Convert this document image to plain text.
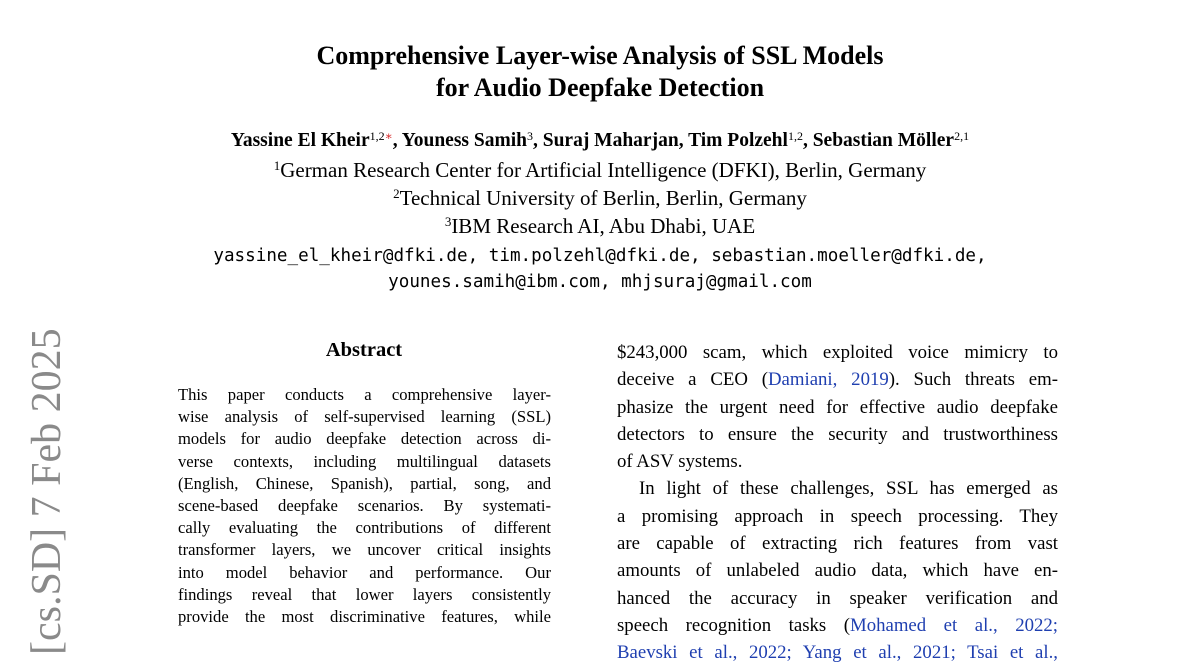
[cs.SD] 7 Feb 2025
Comprehensive Layer-wise Analysis of SSL Models
for Audio Deepfake Detection
Yassine El Kheir$^{1,2∗}$, Youness Samih$^3$, Suraj Maharjan, Tim Polzehl$^{1,2}$, Sebastian Möller$^{2,1}$
$^1$German Research Center for Artificial Intelligence (DFKI), Berlin, Germany
$^2$Technical University of Berlin, Berlin, Germany
$^3$IBM Research AI, Abu Dhabi, UAE
yassine_el_kheir@dfki.de, tim.polzehl@dfki.de, sebastian.moeller@dfki.de,
younes.samih@ibm.com, mhjsuraj@gmail.com
Abstract
This paper conducts a comprehensive layer-
wise analysis of self-supervised learning (SSL)
models for audio deepfake detection across di-
verse contexts, including multilingual datasets
(English, Chinese, Spanish), partial, song, and
scene-based deepfake scenarios. By systemati-
cally evaluating the contributions of different
transformer layers, we uncover critical insights
into model behavior and performance. Our
findings reveal that lower layers consistently
provide the most discriminative features, while
$243,000 scam, which exploited voice mimicry to
deceive a CEO (Damiani, 2019). Such threats em-
phasize the urgent need for effective audio deepfake
detectors to ensure the security and trustworthiness
of ASV systems.
In light of these challenges, SSL has emerged as
a promising approach in speech processing. They
are capable of extracting rich features from vast
amounts of unlabeled audio data, which have en-
hanced the accuracy in speaker verification and
speech recognition tasks (Mohamed et al., 2022;
Baevski et al., 2022; Yang et al., 2021; Tsai et al.,
